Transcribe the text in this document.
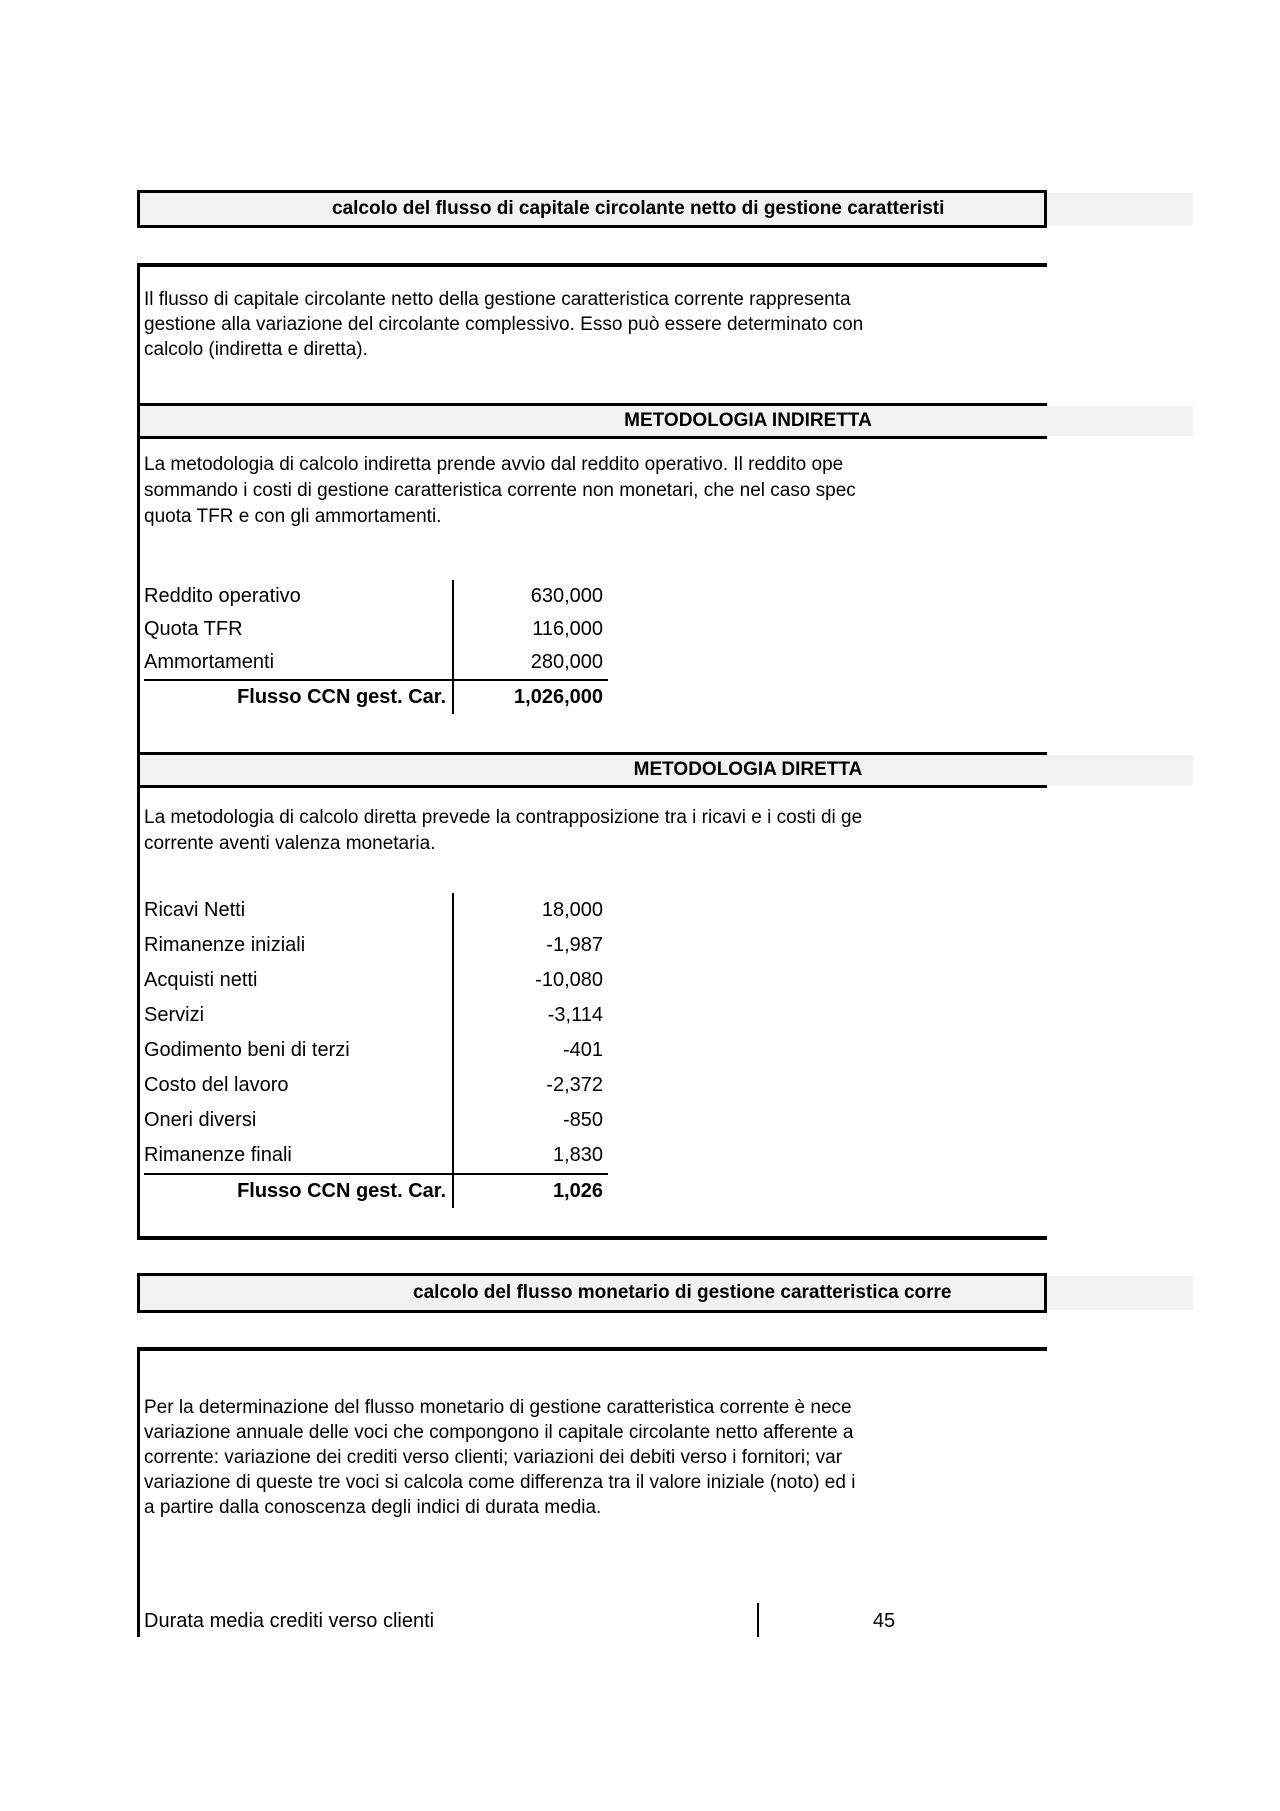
calcolo del flusso di capitale circolante netto di gestione caratteristi
Il flusso di capitale circolante netto della gestione caratteristica corrente rappresenta
gestione alla variazione del circolante complessivo. Esso può essere determinato con
calcolo (indiretta e diretta).
METODOLOGIA INDIRETTA
La metodologia di calcolo indiretta prende avvio dal reddito operativo. Il reddito ope
sommando i costi di gestione caratteristica corrente non monetari, che nel caso spec
quota TFR e con gli ammortamenti.
Reddito operativo	630,000
Quota TFR	116,000
Ammortamenti	280,000
Flusso CCN gest. Car.	1,026,000
METODOLOGIA DIRETTA
La metodologia di calcolo diretta prevede la contrapposizione tra i ricavi e i costi di ge
corrente aventi valenza monetaria.
Ricavi Netti	18,000
Rimanenze iniziali	-1,987
Acquisti netti	-10,080
Servizi	-3,114
Godimento beni di terzi	-401
Costo del lavoro	-2,372
Oneri diversi	-850
Rimanenze finali	1,830
Flusso CCN gest. Car.	1,026
calcolo del flusso monetario di gestione caratteristica corre
Per la determinazione del flusso monetario di gestione caratteristica corrente è nece
variazione annuale delle voci che compongono il capitale circolante netto afferente a
corrente: variazione dei crediti verso clienti; variazioni dei debiti verso i fornitori; var
variazione di queste tre voci si calcola come differenza tra il valore iniziale (noto) ed i
a partire dalla conoscenza degli indici di durata media.
Durata media crediti verso clienti	45
